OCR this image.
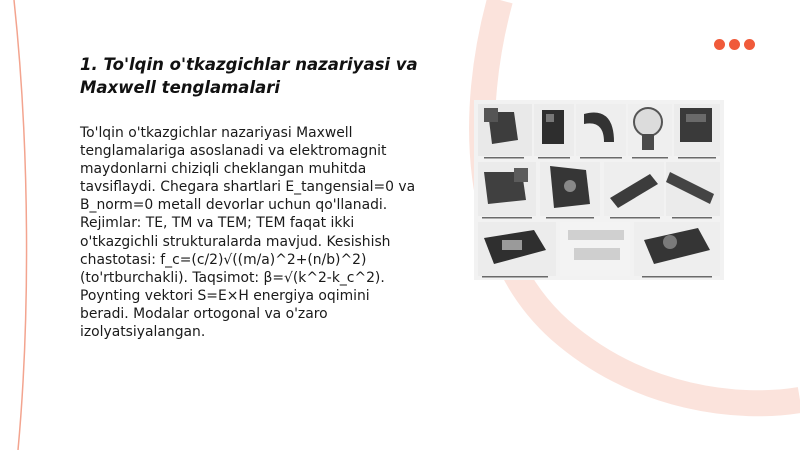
1. To'lqin o'tkazgichlar nazariyasi va Maxwell tenglamalari

To'lqin o'tkazgichlar nazariyasi Maxwell tenglamalariga asoslanadi va elektromagnit maydonlarni chiziqli cheklangan muhitda tavsiflaydi. Chegara shartlari E_tangensial=0 va B_norm=0 metall devorlar uchun qo'llanadi. Rejimlar: TE, TM va TEM; TEM faqat ikki o'tkazgichli strukturalarda mavjud. Kesishish chastotasi: f_c=(c/2)√((m/a)^2+(n/b)^2) (to'rtburchakli). Taqsimot: β=√(k^2-k_c^2). Poynting vektori S=E×H energiya oqimini beradi. Modalar ortogonal va o'zaro izolyatsiyalangan.
